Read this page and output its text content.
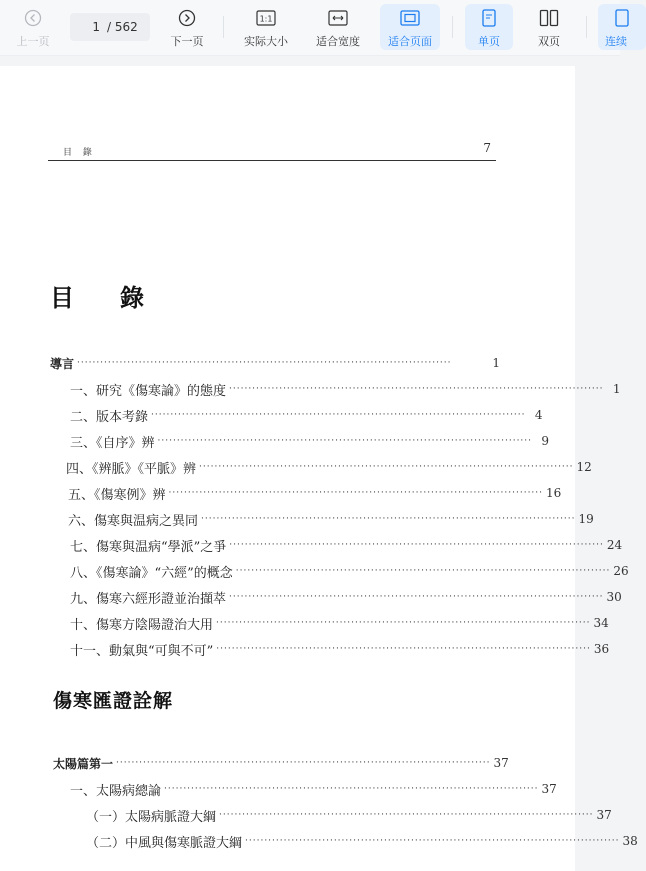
上一页
1
/ 562
下一页
1:1
实际大小	适合宽度	适合页面	单页	双页	连续
目 錄	7
目 錄
導言 ·································································································	1
一、研究《傷寒論》的態度 ································································································· 1
二、版本考錄 ································································································· 4
三、《自序》辨 ································································································· 9
四、《辨脈》《平脈》辨 ································································································· 12
五、《傷寒例》辨 ································································································· 16
六、傷寒與温病之異同 ································································································· 19
七、傷寒與温病“學派”之爭 ································································································· 24
八、《傷寒論》“六經”的概念 ································································································· 26
九、傷寒六經形證並治擷萃 ································································································· 30
十、傷寒方陰陽證治大用 ································································································· 34
十一、動氣與“可與不可” ································································································· 36
傷寒匯證詮解
太陽篇第一 ································································································· 37
一、太陽病總論 ································································································· 37
（一）太陽病脈證大綱 ································································································· 37
（二）中風與傷寒脈證大綱 ································································································· 38
